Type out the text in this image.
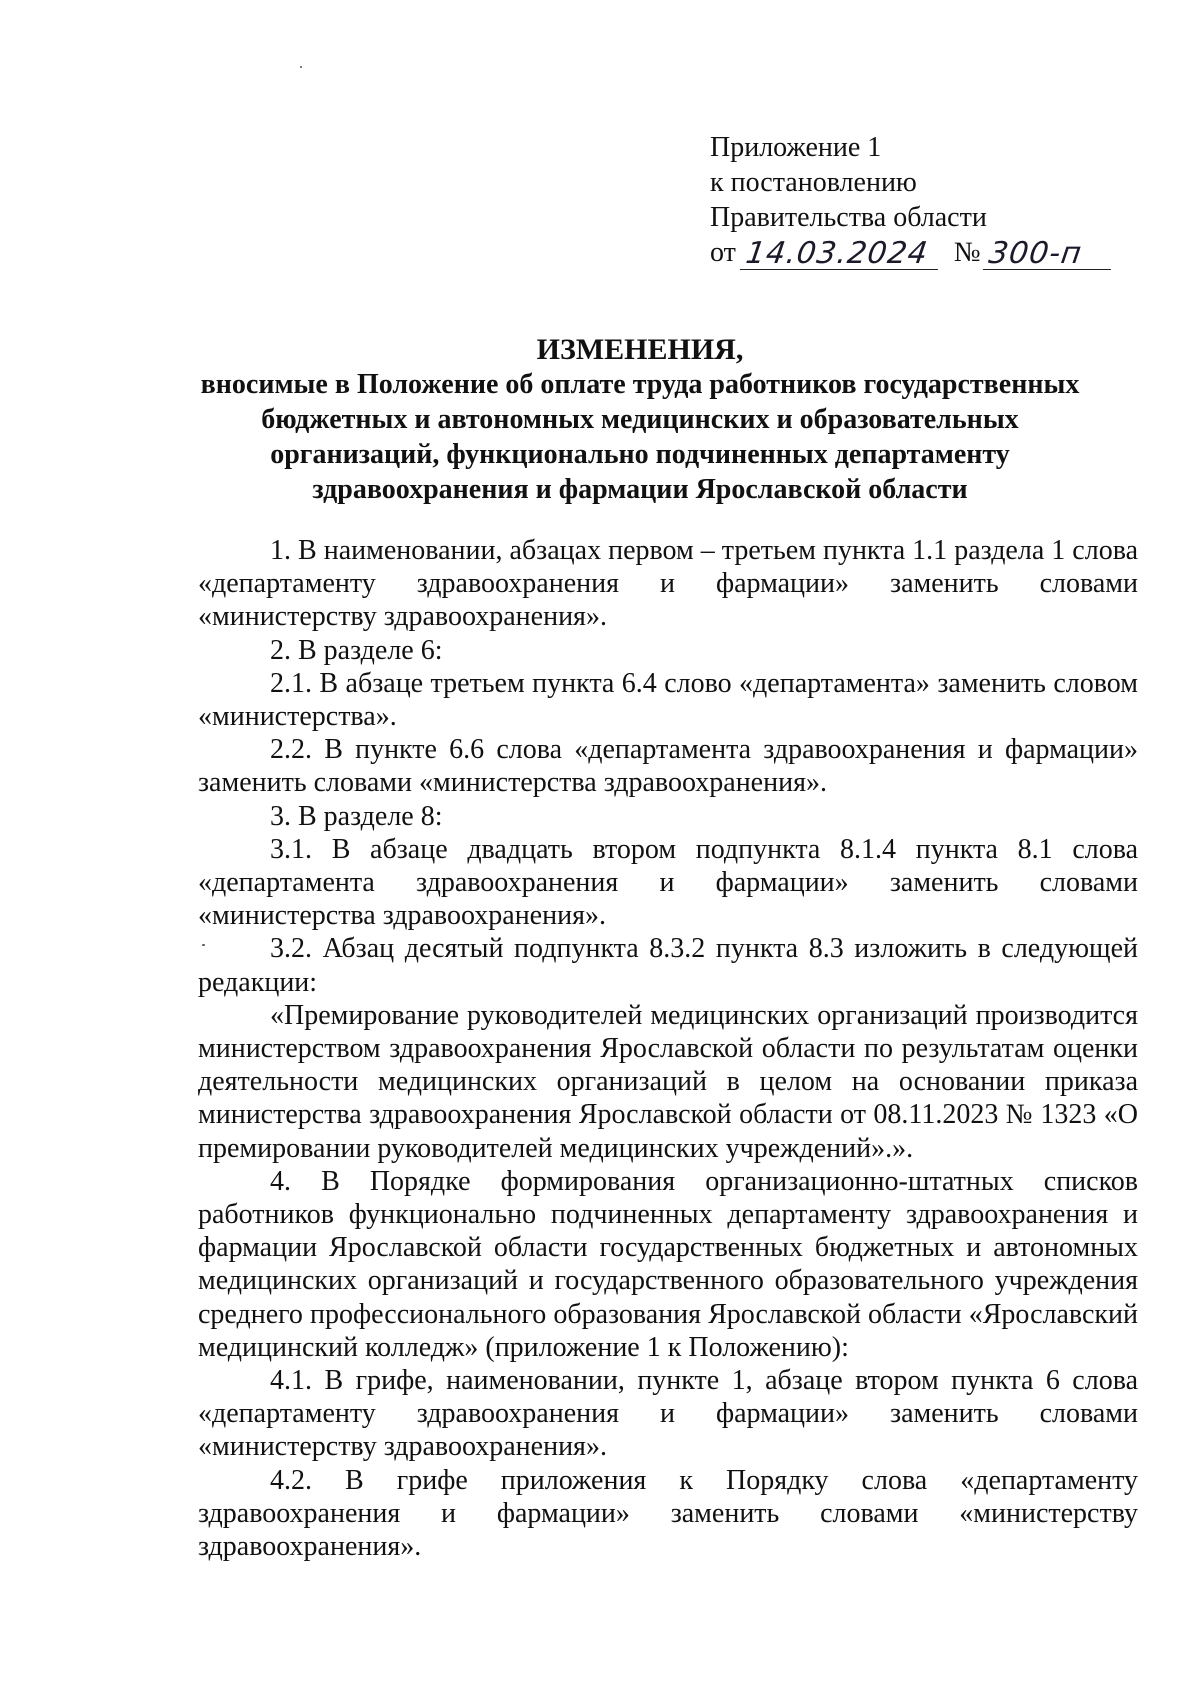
Приложение 1
к постановлению
Правительства области
от 14.03.2024 № 300-п
ИЗМЕНЕНИЯ,
вносимые в Положение об оплате труда работников государственных
бюджетных и автономных медицинских и образовательных
организаций, функционально подчиненных департаменту
здравоохранения и фармации Ярославской области

1. В наименовании, абзацах первом – третьем пункта 1.1 раздела 1 слова «департаменту здравоохранения и фармации» заменить словами «министерству здравоохранения».

2. В разделе 6:

2.1. В абзаце третьем пункта 6.4 слово «департамента» заменить словом «министерства».

2.2. В пункте 6.6 слова «департамента здравоохранения и фармации» заменить словами «министерства здравоохранения».

3. В разделе 8:

3.1. В абзаце двадцать втором подпункта 8.1.4 пункта 8.1 слова «департамента здравоохранения и фармации» заменить словами «министерства здравоохранения».

3.2. Абзац десятый подпункта 8.3.2 пункта 8.3 изложить в следующей редакции:

«Премирование руководителей медицинских организаций производится министерством здравоохранения Ярославской области по результатам оценки деятельности медицинских организаций в целом на основании приказа министерства здравоохранения Ярославской области от 08.11.2023 № 1323 «О премировании руководителей медицинских учреждений».».

4. В Порядке формирования организационно-штатных списков работников функционально подчиненных департаменту здравоохранения и фармации Ярославской области государственных бюджетных и автономных медицинских организаций и государственного образовательного учреждения среднего профессионального образования Ярославской области «Ярославский медицинский колледж» (приложение 1 к Положению):

4.1. В грифе, наименовании, пункте 1, абзаце втором пункта 6 слова «департаменту здравоохранения и фармации» заменить словами «министерству здравоохранения».

4.2. В грифе приложения к Порядку слова «департаменту здравоохранения и фармации» заменить словами «министерству здравоохранения».
